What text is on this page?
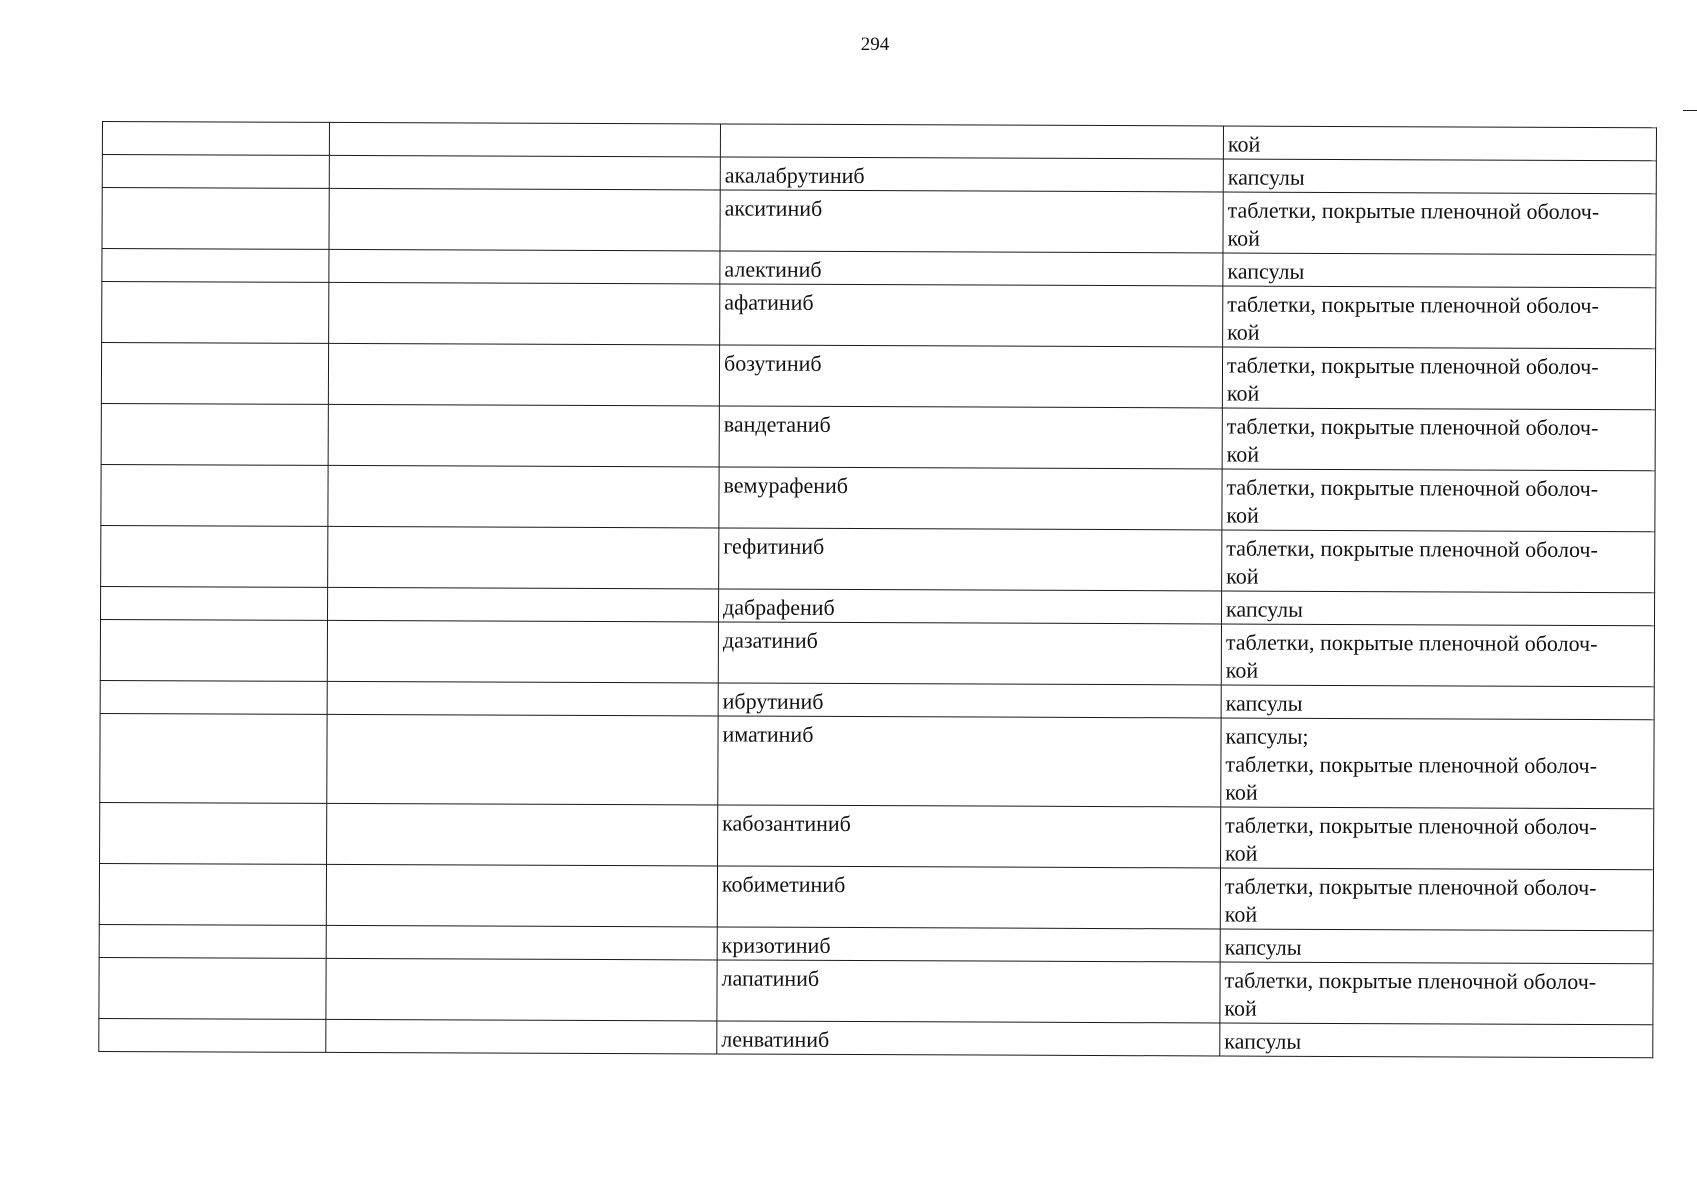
294

			кой

		акалабрутиниб	капсулы

		акситиниб	таблетки, покрытые пленочной оболоч-
кой

		алектиниб	капсулы

		афатиниб	таблетки, покрытые пленочной оболоч-
кой

		бозутиниб	таблетки, покрытые пленочной оболоч-
кой

		вандетаниб	таблетки, покрытые пленочной оболоч-
кой

		вемурафениб	таблетки, покрытые пленочной оболоч-
кой

		гефитиниб	таблетки, покрытые пленочной оболоч-
кой

		дабрафениб	капсулы

		дазатиниб	таблетки, покрытые пленочной оболоч-
кой

		ибрутиниб	капсулы

		иматиниб	капсулы;
таблетки, покрытые пленочной оболоч-
кой

		кабозантиниб	таблетки, покрытые пленочной оболоч-
кой

		кобиметиниб	таблетки, покрытые пленочной оболоч-
кой

		кризотиниб	капсулы

		лапатиниб	таблетки, покрытые пленочной оболоч-
кой

		ленватиниб	капсулы
